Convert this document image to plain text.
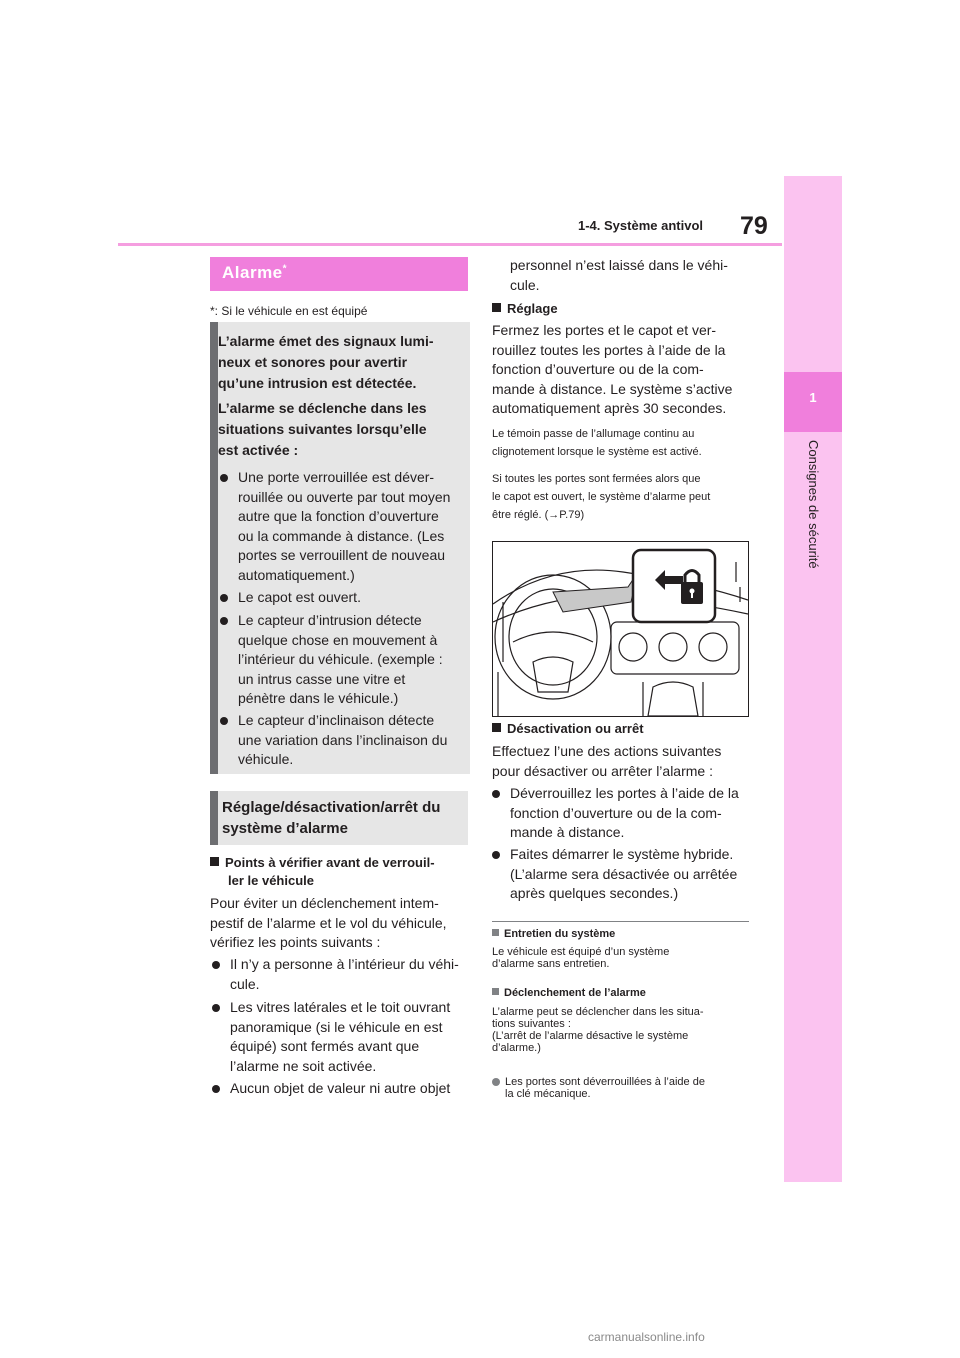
1-4. Système antivol 79
1
Consignes de sécurité
Alarme*
*: Si le véhicule en est équipé
L’alarme émet des signaux lumi-
neux et sonores pour avertir
qu’une intrusion est détectée.
L’alarme se déclenche dans les
situations suivantes lorsqu’elle
est activée :
Une porte verrouillée est déver-
rouillée ou ouverte par tout moyen
autre que la fonction d’ouverture
ou la commande à distance. (Les
portes se verrouillent de nouveau
automatiquement.)
Le capot est ouvert.
Le capteur d’intrusion détecte
quelque chose en mouvement à
l’intérieur du véhicule. (exemple :
un intrus casse une vitre et
pénètre dans le véhicule.)
Le capteur d’inclinaison détecte
une variation dans l’inclinaison du
véhicule.
Réglage/désactivation/arrêt du
système d’alarme
Points à vérifier avant de verrouil-
ler le véhicule
Pour éviter un déclenchement intem-
pestif de l’alarme et le vol du véhicule,
vérifiez les points suivants :
Il n’y a personne à l’intérieur du véhi-
cule.
Les vitres latérales et le toit ouvrant
panoramique (si le véhicule en est
équipé) sont fermés avant que
l’alarme ne soit activée.
Aucun objet de valeur ni autre objet
personnel n’est laissé dans le véhi-
cule.
Réglage
Fermez les portes et le capot et ver-
rouillez toutes les portes à l’aide de la
fonction d’ouverture ou de la com-
mande à distance. Le système s’active
automatiquement après 30 secondes.
Le témoin passe de l’allumage continu au
clignotement lorsque le système est activé.
Si toutes les portes sont fermées alors que
le capot est ouvert, le système d’alarme peut
être réglé. (→P.79)
Désactivation ou arrêt
Effectuez l’une des actions suivantes
pour désactiver ou arrêter l’alarme :
Déverrouillez les portes à l’aide de la
fonction d’ouverture ou de la com-
mande à distance.
Faites démarrer le système hybride.
(L’alarme sera désactivée ou arrêtée
après quelques secondes.)
Entretien du système
Le véhicule est équipé d’un système
d’alarme sans entretien.
Déclenchement de l’alarme
L’alarme peut se déclencher dans les situa-
tions suivantes :
(L’arrêt de l’alarme désactive le système
d’alarme.)
Les portes sont déverrouillées à l’aide de
la clé mécanique.
carmanualsonline.info
